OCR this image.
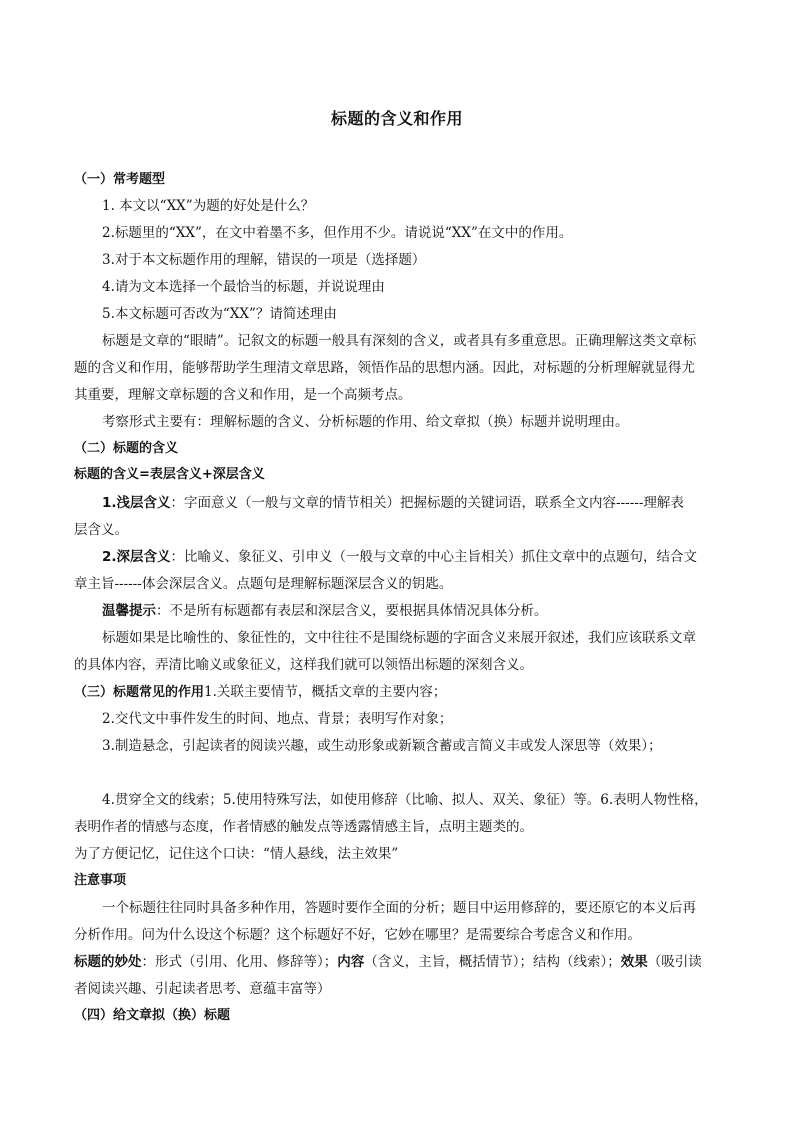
标题的含义和作用
（一）常考题型
1. 本文以“XX”为题的好处是什么？
2.标题里的“XX”，在文中着墨不多，但作用不少。请说说“XX”在文中的作用。
3.对于本文标题作用的理解，错误的一项是（选择题）
4.请为文本选择一个最恰当的标题，并说说理由
5.本文标题可否改为“XX”？请简述理由
标题是文章的“眼睛”。记叙文的标题一般具有深刻的含义，或者具有多重意思。正确理解这类文章标
题的含义和作用，能够帮助学生理清文章思路，领悟作品的思想内涵。因此，对标题的分析理解就显得尤
其重要，理解文章标题的含义和作用，是一个高频考点。
考察形式主要有：理解标题的含义、分析标题的作用、给文章拟（换）标题并说明理由。
（二）标题的含义
标题的含义=表层含义+深层含义
1.浅层含义：字面意义（一般与文章的情节相关）把握标题的关键词语，联系全文内容------理解表
层含义。
2.深层含义：比喻义、象征义、引申义（一般与文章的中心主旨相关）抓住文章中的点题句，结合文
章主旨------体会深层含义。点题句是理解标题深层含义的钥匙。
温馨提示：不是所有标题都有表层和深层含义，要根据具体情况具体分析。
标题如果是比喻性的、象征性的，文中往往不是围绕标题的字面含义来展开叙述，我们应该联系文章
的具体内容，弄清比喻义或象征义，这样我们就可以领悟出标题的深刻含义。
（三）标题常见的作用1.关联主要情节，概括文章的主要内容；
2.交代文中事件发生的时间、地点、背景；表明写作对象；
3.制造悬念，引起读者的阅读兴趣，或生动形象或新颖含蓄或言简义丰或发人深思等（效果）；
4.贯穿全文的线索；5.使用特殊写法，如使用修辞（比喻、拟人、双关、象征）等。6.表明人物性格，
表明作者的情感与态度，作者情感的触发点等透露情感主旨，点明主题类的。
为了方便记忆，记住这个口诀：“情人悬线，法主效果”
注意事项
一个标题往往同时具备多种作用，答题时要作全面的分析；题目中运用修辞的，要还原它的本义后再
分析作用。问为什么设这个标题？这个标题好不好，它妙在哪里？是需要综合考虑含义和作用。
标题的妙处：形式（引用、化用、修辞等）；内容（含义，主旨，概括情节）；结构（线索）；效果（吸引读
者阅读兴趣、引起读者思考、意蕴丰富等）
（四）给文章拟（换）标题
